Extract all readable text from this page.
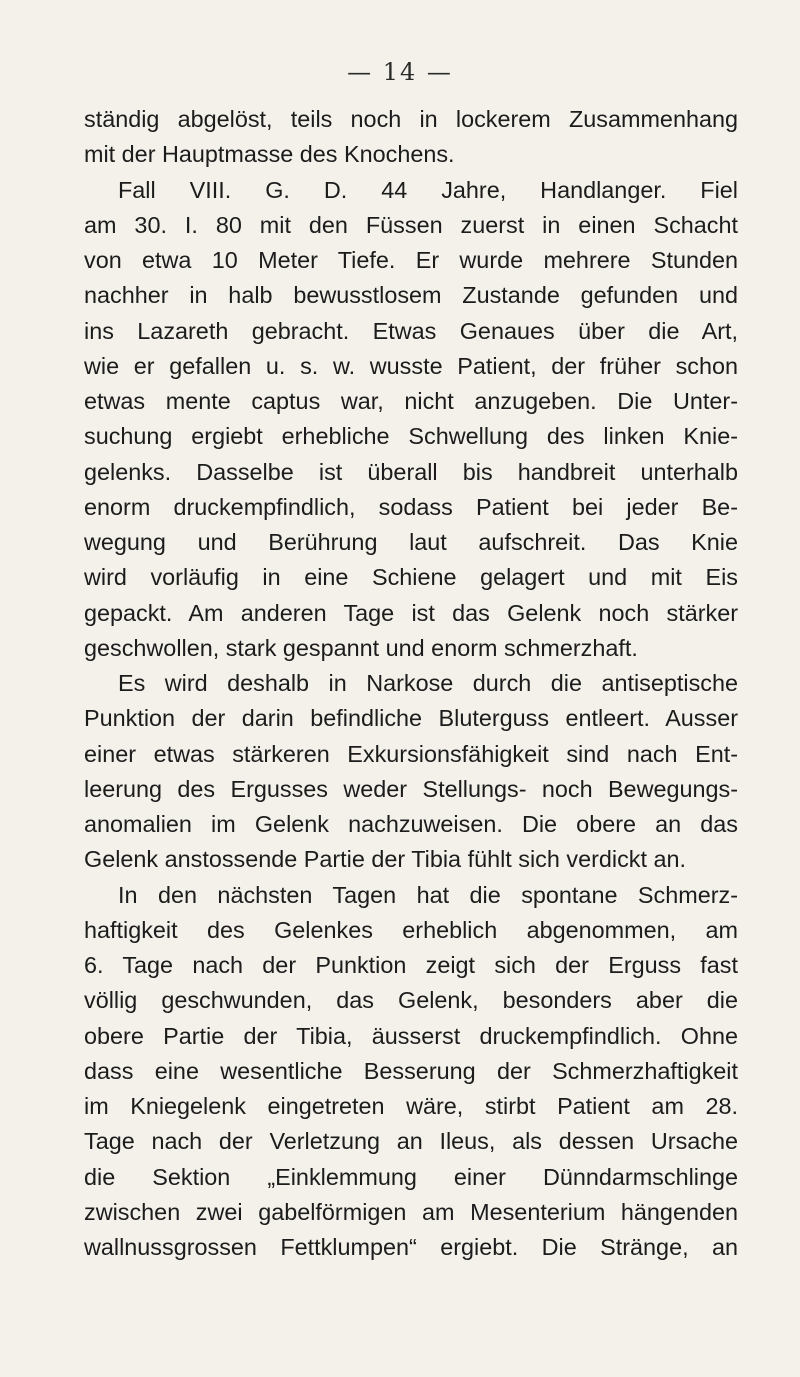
— 14 —
ständig abgelöst, teils noch in lockerem Zusammenhang
mit der Hauptmasse des Knochens.
Fall VIII. G. D. 44 Jahre, Handlanger. Fiel
am 30. I. 80 mit den Füssen zuerst in einen Schacht
von etwa 10 Meter Tiefe. Er wurde mehrere Stunden
nachher in halb bewusstlosem Zustande gefunden und
ins Lazareth gebracht. Etwas Genaues über die Art,
wie er gefallen u. s. w. wusste Patient, der früher schon
etwas mente captus war, nicht anzugeben. Die Unter-
suchung ergiebt erhebliche Schwellung des linken Knie-
gelenks. Dasselbe ist überall bis handbreit unterhalb
enorm druckempfindlich, sodass Patient bei jeder Be-
wegung und Berührung laut aufschreit. Das Knie
wird vorläufig in eine Schiene gelagert und mit Eis
gepackt. Am anderen Tage ist das Gelenk noch stärker
geschwollen, stark gespannt und enorm schmerzhaft.
Es wird deshalb in Narkose durch die antiseptische
Punktion der darin befindliche Bluterguss entleert. Ausser
einer etwas stärkeren Exkursionsfähigkeit sind nach Ent-
leerung des Ergusses weder Stellungs- noch Bewegungs-
anomalien im Gelenk nachzuweisen. Die obere an das
Gelenk anstossende Partie der Tibia fühlt sich verdickt an.
In den nächsten Tagen hat die spontane Schmerz-
haftigkeit des Gelenkes erheblich abgenommen, am
6. Tage nach der Punktion zeigt sich der Erguss fast
völlig geschwunden, das Gelenk, besonders aber die
obere Partie der Tibia, äusserst druckempfindlich. Ohne
dass eine wesentliche Besserung der Schmerzhaftigkeit
im Kniegelenk eingetreten wäre, stirbt Patient am 28.
Tage nach der Verletzung an Ileus, als dessen Ursache
die Sektion „Einklemmung einer Dünndarmschlinge
zwischen zwei gabelförmigen am Mesenterium hängenden
wallnussgrossen Fettklumpen“ ergiebt. Die Stränge, an
